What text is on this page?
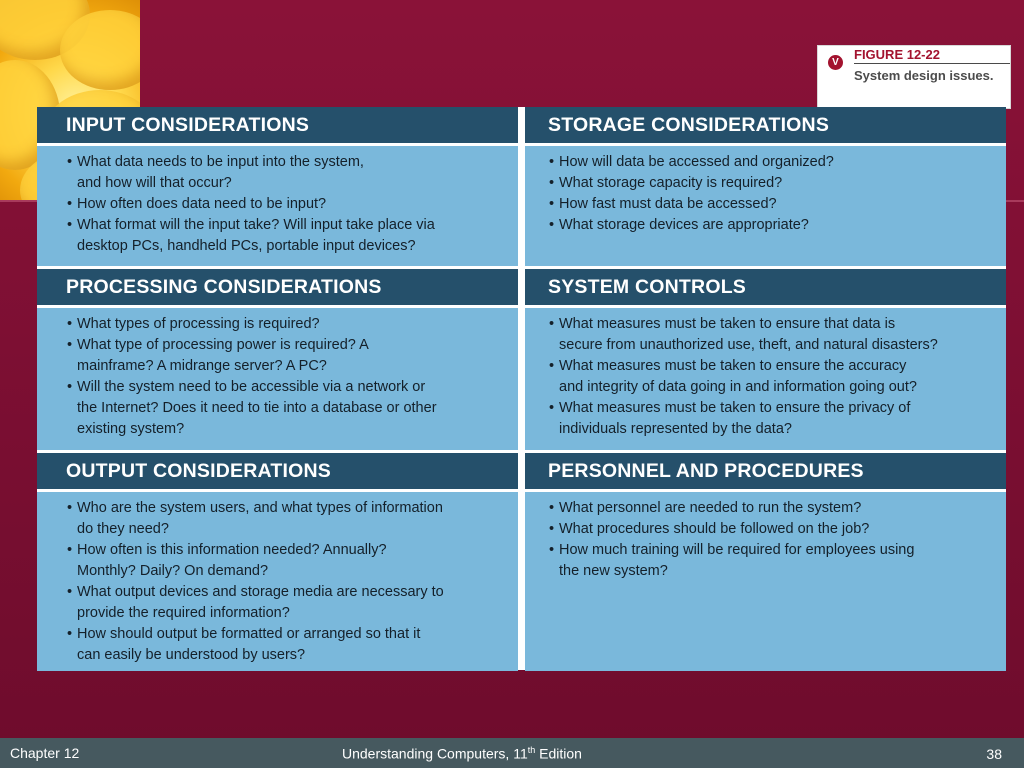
V
FIGURE 12-22
System design issues.
INPUT CONSIDERATIONS	STORAGE CONSIDERATIONS
• What data needs to be input into the system,
and how will that occur?
• How often does data need to be input?
• What format will the input take? Will input take place via
desktop PCs, handheld PCs, portable input devices?
• How will data be accessed and organized?
• What storage capacity is required?
• How fast must data be accessed?
• What storage devices are appropriate?
PROCESSING CONSIDERATIONS	SYSTEM CONTROLS
• What types of processing is required?
• What type of processing power is required? A
mainframe? A midrange server? A PC?
• Will the system need to be accessible via a network or
the Internet? Does it need to tie into a database or other
existing system?
• What measures must be taken to ensure that data is
secure from unauthorized use, theft, and natural disasters?
• What measures must be taken to ensure the accuracy
and integrity of data going in and information going out?
• What measures must be taken to ensure the privacy of
individuals represented by the data?
OUTPUT CONSIDERATIONS	PERSONNEL AND PROCEDURES
• Who are the system users, and what types of information
do they need?
• How often is this information needed? Annually?
Monthly? Daily? On demand?
• What output devices and storage media are necessary to
provide the required information?
• How should output be formatted or arranged so that it
can easily be understood by users?
• What personnel are needed to run the system?
• What procedures should be followed on the job?
• How much training will be required for employees using
the new system?
Chapter 12	Understanding Computers, 11th Edition	38
